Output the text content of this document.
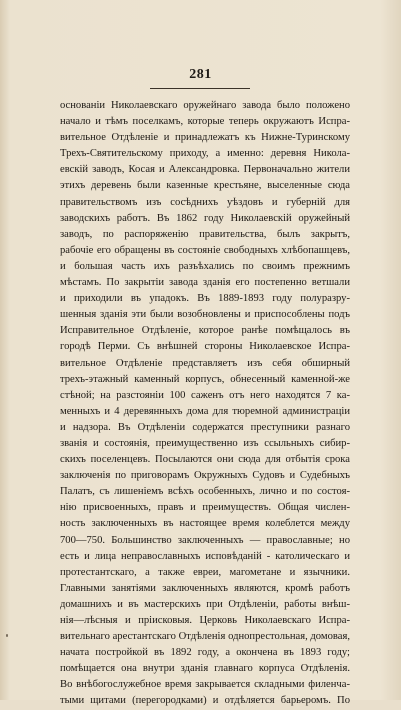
281
основаніи Николаевскаго оружейнаго завода было положено
начало и тѣмъ поселкамъ, которые теперь окружаютъ Испра-
вительное Отдѣленіе и принадлежатъ къ Нижне-Туринскому
Трехъ-Святительскому приходу, а именно: деревня Никола-
евскій заводъ, Косая и Александровка. Первоначально жители
этихъ деревень были казенные крестьяне, выселенные сюда
правительствомъ изъ сосѣднихъ уѣздовъ и губерній для
заводскихъ работъ. Въ 1862 году Николаевскій оружейный
заводъ, по распоряженію правительства, былъ закрытъ,
рабочіе его обращены въ состояніе свободныхъ хлѣбопашцевъ,
и большая часть ихъ разъѣхались по своимъ прежнимъ
мѣстамъ. По закрытіи завода зданія его постепенно ветшали
и приходили въ упадокъ. Въ 1889-1893 году полуразру-
шенныя зданія эти были возобновлены и приспособлены подъ
Исправительное Отдѣленіе, которое ранѣе помѣщалось въ
городѣ Перми. Съ внѣшней стороны Николаевское Испра-
вительное Отдѣленіе представляетъ изъ себя обширный
трехъ-этажный каменный корпусъ, обнесенный каменной-же
стѣной; на разстояніи 100 саженъ отъ него находятся 7 ка-
менныхъ и 4 деревянныхъ дома для тюремной администраціи
и надзора. Въ Отдѣленіи содержатся преступники разнаго
званія и состоянія, преимущественно изъ ссыльныхъ сибир-
скихъ поселенцевъ. Посылаются они сюда для отбытія срока
заключенія по приговорамъ Окружныхъ Судовъ и Судебныхъ
Палатъ, съ лишеніемъ всѣхъ особенныхъ, лично и по состоя-
нію присвоенныхъ, правъ и преимуществъ. Общая числен-
ность заключенныхъ въ настоящее время колеблется между
700—750. Большинство заключенныхъ — православные; но
есть и лица неправославныхъ исповѣданій - католическаго и
протестантскаго, а также евреи, магометане и язычники.
Главными занятіями заключенныхъ являются, кромѣ работъ
домашнихъ и въ мастерскихъ при Отдѣленіи, работы внѣш-
нія—лѣсныя и пріисковыя. Церковь Николаевскаго Испра-
вительнаго арестантскаго Отдѣленія однопрестольная, домовая,
начата постройкой въ 1892 году, а окончена въ 1893 году;
помѣщается она внутри зданія главнаго корпуса Отдѣленія.
Во внѣбогослужебное время закрывается складными филенча-
тыми щитами (перегородками) и отдѣляется барьеромъ. По
